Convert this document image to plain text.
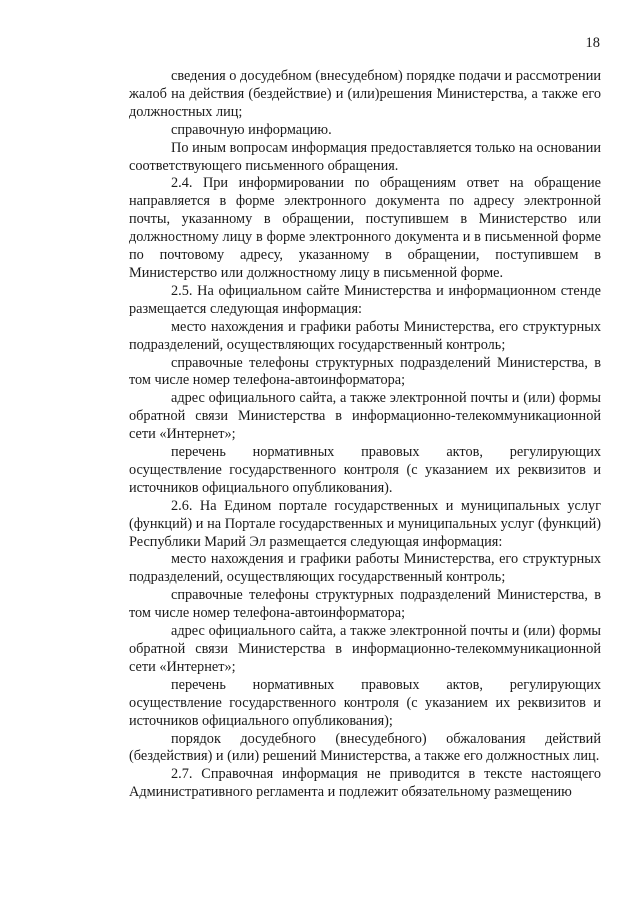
18

сведения о досудебном (внесудебном) порядке подачи и рассмотрении жалоб на действия (бездействие) и (или)решения Министерства, а также его должностных лиц;

справочную информацию.

По иным вопросам информация предоставляется только на основании соответствующего письменного обращения.

2.4. При информировании по обращениям ответ на обращение направляется в форме электронного документа по адресу электронной почты, указанному в обращении, поступившем в Министерство или должностному лицу в форме электронного документа и в письменной форме по почтовому адресу, указанному в обращении, поступившем в Министерство или должностному лицу в письменной форме.

2.5. На официальном сайте Министерства и информационном стенде размещается следующая информация:

место нахождения и графики работы Министерства, его структурных подразделений, осуществляющих государственный контроль;

справочные телефоны структурных подразделений Министерства, в том числе номер телефона-автоинформатора;

адрес официального сайта, а также электронной почты и (или) формы обратной связи Министерства в информационно-телекоммуникационной сети «Интернет»;

перечень нормативных правовых актов, регулирующих осуществление государственного контроля (с указанием их реквизитов и источников официального опубликования).

2.6. На Едином портале государственных и муниципальных услуг (функций) и на Портале государственных и муниципальных услуг (функций) Республики Марий Эл размещается следующая информация:

место нахождения и графики работы Министерства, его структурных подразделений, осуществляющих государственный контроль;

справочные телефоны структурных подразделений Министерства, в том числе номер телефона-автоинформатора;

адрес официального сайта, а также электронной почты и (или) формы обратной связи Министерства в информационно-телекоммуникационной сети «Интернет»;

перечень нормативных правовых актов, регулирующих осуществление государственного контроля (с указанием их реквизитов и источников официального опубликования);

порядок досудебного (внесудебного) обжалования действий (бездействия) и (или) решений Министерства, а также его должностных лиц.

2.7. Справочная информация не приводится в тексте настоящего Административного регламента и подлежит обязательному размещению
